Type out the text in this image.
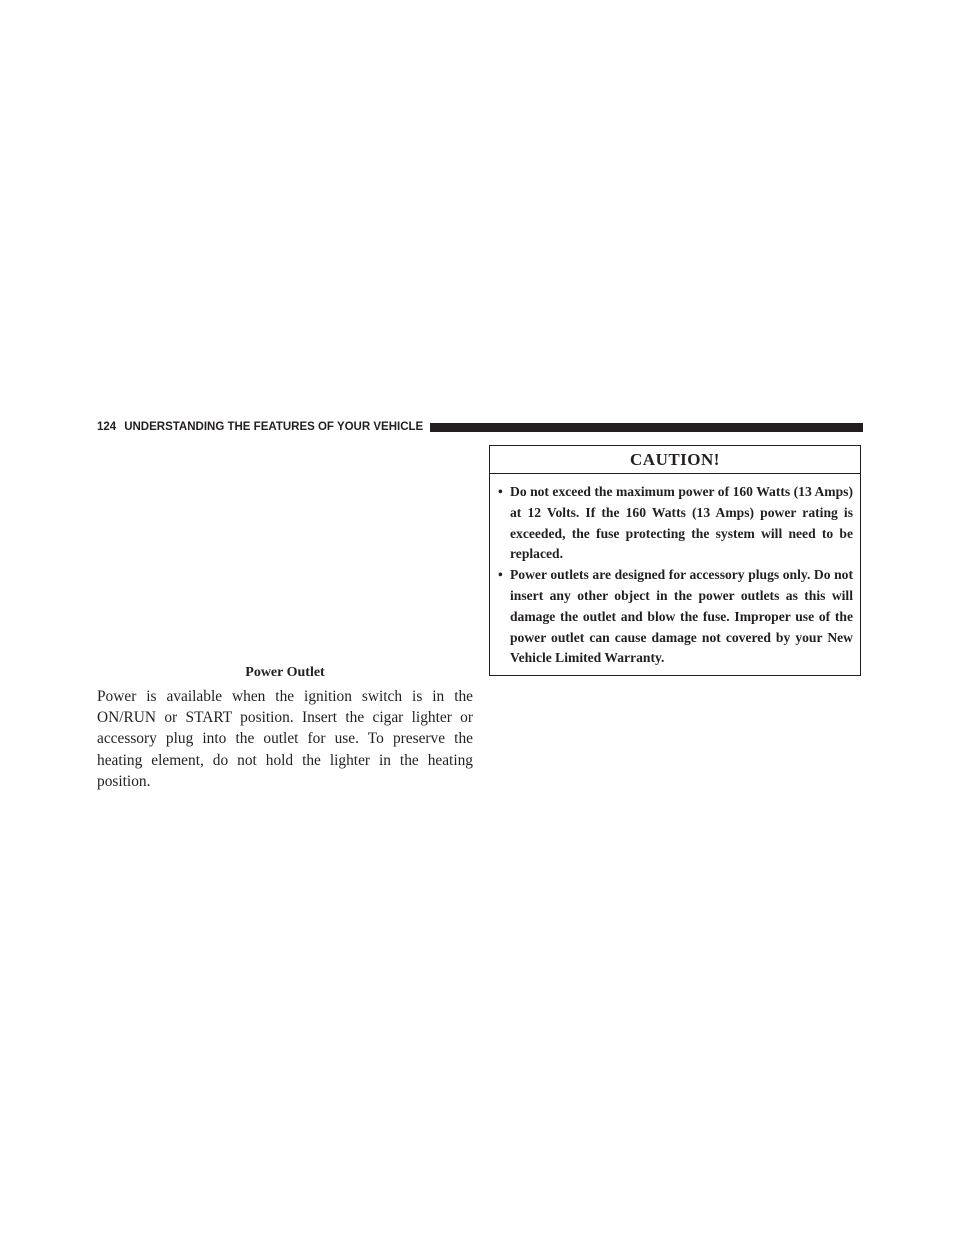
124 UNDERSTANDING THE FEATURES OF YOUR VEHICLE
Power Outlet

Power is available when the ignition switch is in the ON/RUN or START position. Insert the cigar lighter or accessory plug into the outlet for use. To preserve the heating element, do not hold the lighter in the heating position.

CAUTION!
• Do not exceed the maximum power of 160 Watts (13 Amps) at 12 Volts. If the 160 Watts (13 Amps) power rating is exceeded, the fuse protecting the system will need to be replaced.
• Power outlets are designed for accessory plugs only. Do not insert any other object in the power outlets as this will damage the outlet and blow the fuse. Improper use of the power outlet can cause damage not covered by your New Vehicle Limited Warranty.
